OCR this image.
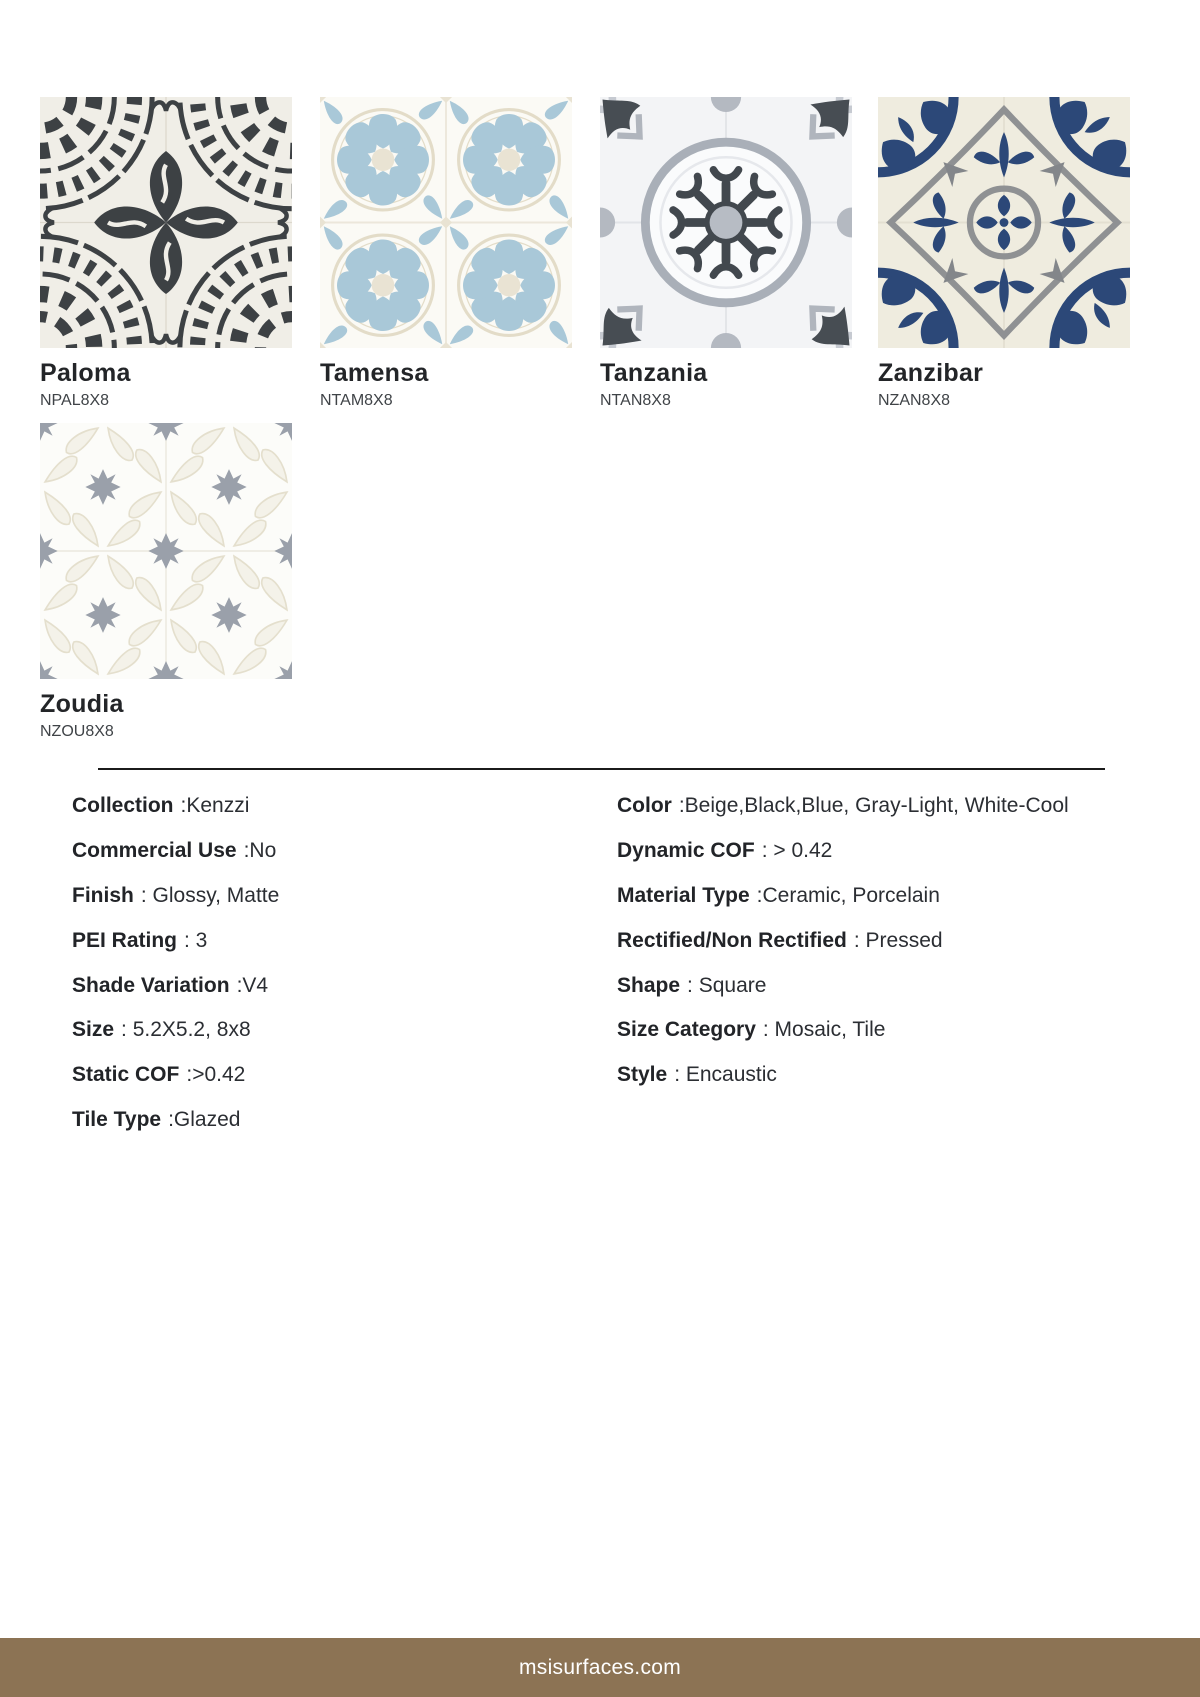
Paloma
NPAL8X8
Tamensa
NTAM8X8
Tanzania
NTAN8X8
Zanzibar
NZAN8X8
Zoudia
NZOU8X8
Collection :Kenzzi
Commercial Use :No
Finish : Glossy, Matte
PEI Rating : 3
Shade Variation :V4
Size : 5.2X5.2, 8x8
Static COF :>0.42
Tile Type :Glazed
Color :Beige,Black,Blue, Gray-Light, White-Cool
Dynamic COF : > 0.42
Material Type :Ceramic, Porcelain
Rectified/Non Rectified : Pressed
Shape : Square
Size Category : Mosaic, Tile
Style : Encaustic
msisurfaces.com
